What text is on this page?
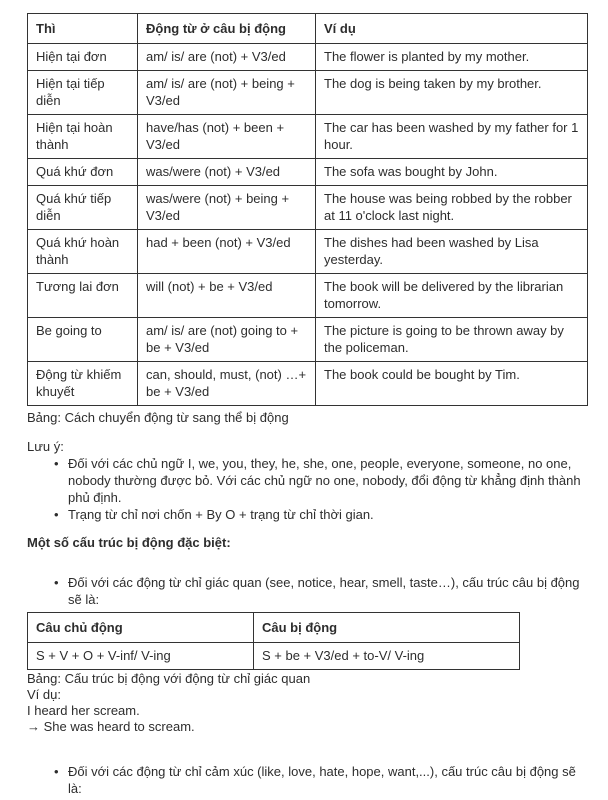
Thì	Động từ ở câu bị động	Ví dụ
Hiện tại đơn	am/ is/ are (not) + V3/ed	The flower is planted by my mother.
Hiện tại tiếp diễn	am/ is/ are (not) + being + V3/ed	The dog is being taken by my brother.
Hiện tại hoàn thành	have/has (not) + been + V3/ed	The car has been washed by my father for 1 hour.
Quá khứ đơn	was/were (not) + V3/ed	The sofa was bought by John.
Quá khứ tiếp diễn	was/were (not) + being + V3/ed	The house was being robbed by the robber at 11 o'clock last night.
Quá khứ hoàn thành	had + been (not) + V3/ed	The dishes had been washed by Lisa yesterday.
Tương lai đơn	will (not) + be + V3/ed	The book will be delivered by the librarian tomorrow.
Be going to	am/ is/ are (not) going to + be + V3/ed	The picture is going to be thrown away by the policeman.
Động từ khiếm khuyết	can, should, must, (not) …+ be + V3/ed	The book could be bought by Tim.
Bảng: Cách chuyển động từ sang thể bị động
Lưu ý:
• Đối với các chủ ngữ I, we, you, they, he, she, one, people, everyone, someone, no one, nobody thường được bỏ. Với các chủ ngữ no one, nobody, đổi động từ khẳng định thành phủ định.
• Trạng từ chỉ nơi chốn + By O + trạng từ chỉ thời gian.
Một số cấu trúc bị động đặc biệt:
• Đối với các động từ chỉ giác quan (see, notice, hear, smell, taste…), cấu trúc câu bị động sẽ là:
Câu chủ động	Câu bị động
S + V + O + V-inf/ V-ing	S + be + V3/ed + to-V/ V-ing
Bảng: Cấu trúc bị động với động từ chỉ giác quan
Ví dụ:
I heard her scream.
→ She was heard to scream.
• Đối với các động từ chỉ cảm xúc (like, love, hate, hope, want,...), cấu trúc câu bị động sẽ là:
